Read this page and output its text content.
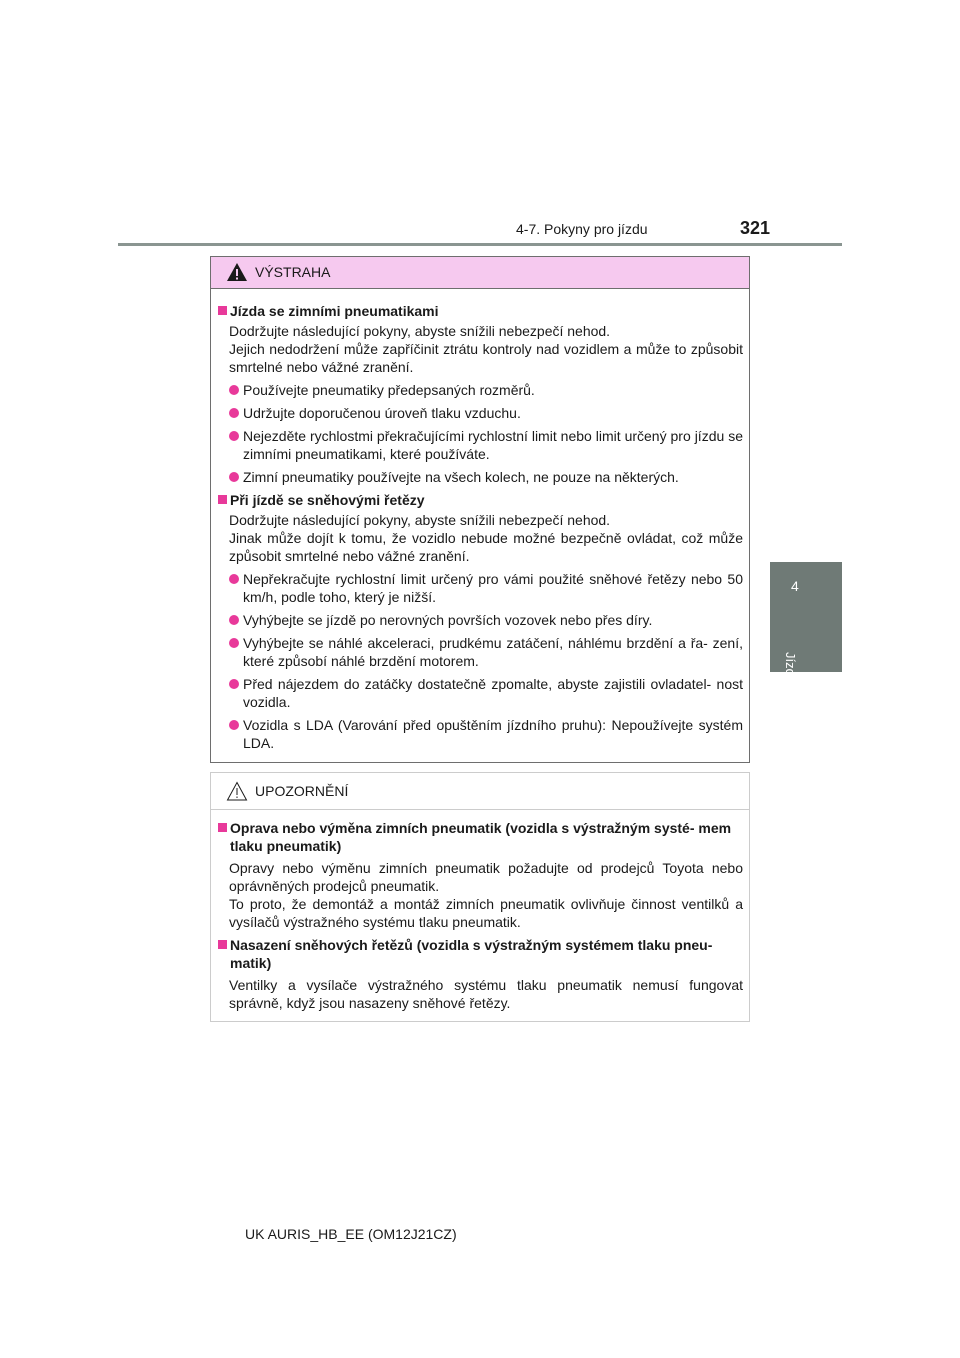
4-7. Pokyny pro jízdu	321
4
Jízda
VÝSTRAHA
Jízda se zimními pneumatikami
Dodržujte následující pokyny, abyste snížili nebezpečí nehod.
Jejich nedodržení může zapříčinit ztrátu kontroly nad vozidlem a může to způsobit smrtelné nebo vážné zranění.
Používejte pneumatiky předepsaných rozměrů.
Udržujte doporučenou úroveň tlaku vzduchu.
Nejezděte rychlostmi překračujícími rychlostní limit nebo limit určený pro jízdu se zimními pneumatikami, které používáte.
Zimní pneumatiky používejte na všech kolech, ne pouze na některých.
Při jízdě se sněhovými řetězy
Dodržujte následující pokyny, abyste snížili nebezpečí nehod.
Jinak může dojít k tomu, že vozidlo nebude možné bezpečně ovládat, což může způsobit smrtelné nebo vážné zranění.
Nepřekračujte rychlostní limit určený pro vámi použité sněhové řetězy nebo 50 km/h, podle toho, který je nižší.
Vyhýbejte se jízdě po nerovných površích vozovek nebo přes díry.
Vyhýbejte se náhlé akceleraci, prudkému zatáčení, náhlému brzdění a řa- zení, které způsobí náhlé brzdění motorem.
Před nájezdem do zatáčky dostatečně zpomalte, abyste zajistili ovladatel- nost vozidla.
Vozidla s LDA (Varování před opuštěním jízdního pruhu): Nepoužívejte systém LDA.
UPOZORNĚNÍ
Oprava nebo výměna zimních pneumatik (vozidla s výstražným systé- mem tlaku pneumatik)
Opravy nebo výměnu zimních pneumatik požadujte od prodejců Toyota nebo oprávněných prodejců pneumatik.
To proto, že demontáž a montáž zimních pneumatik ovlivňuje činnost ventilků a vysílačů výstražného systému tlaku pneumatik.
Nasazení sněhových řetězů (vozidla s výstražným systémem tlaku pneu- matik)
Ventilky a vysílače výstražného systému tlaku pneumatik nemusí fungovat správně, když jsou nasazeny sněhové řetězy.
UK AURIS_HB_EE (OM12J21CZ)
